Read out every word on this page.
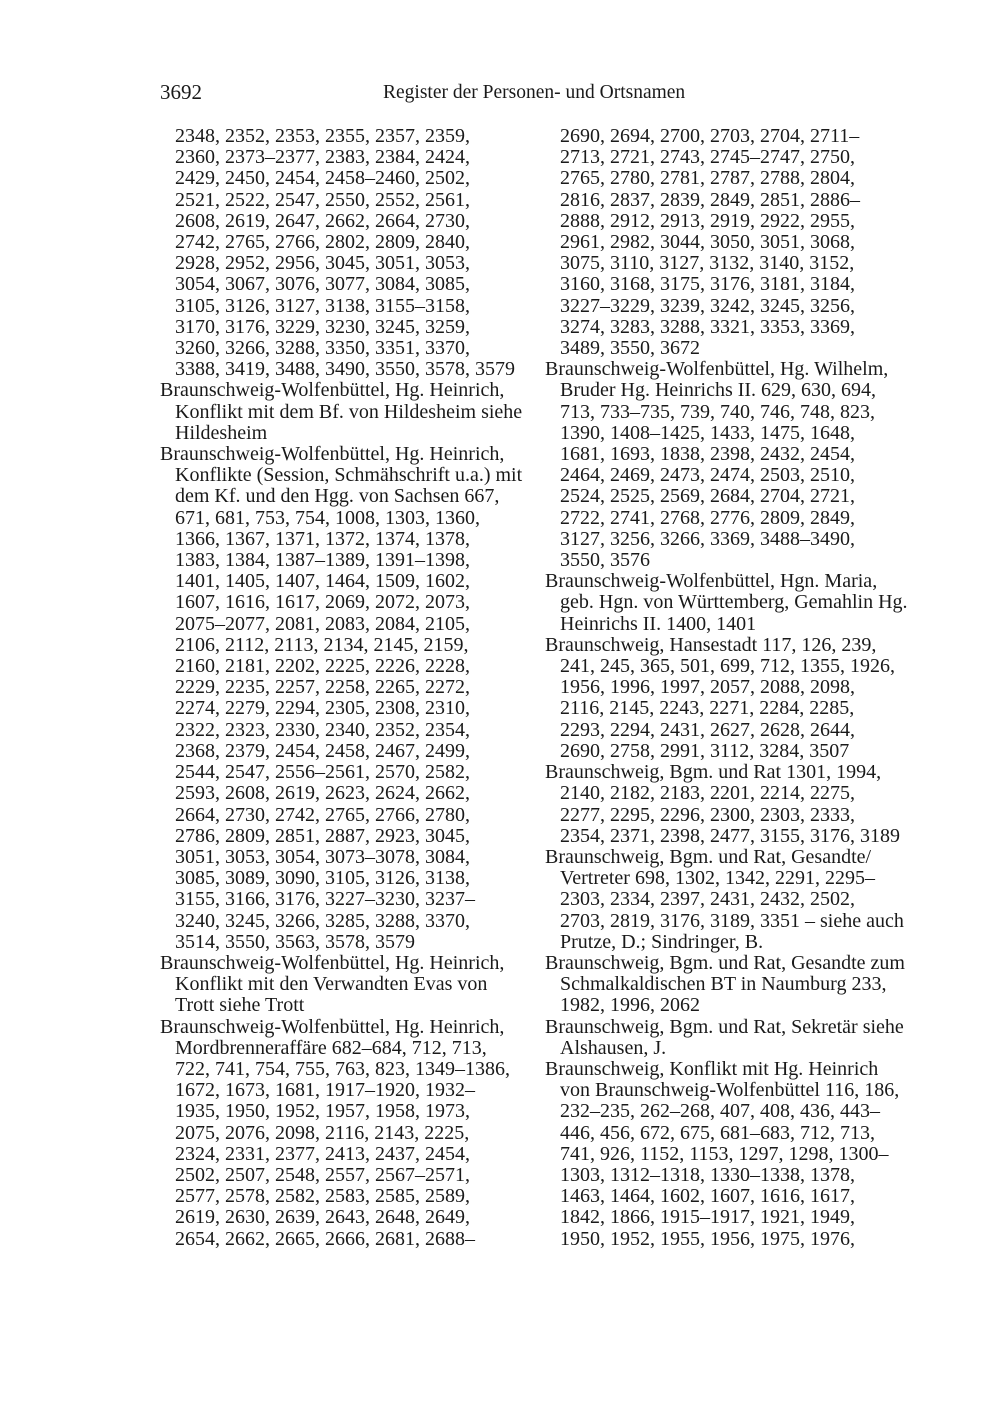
3692	Register der Personen- und Ortsnamen
2348, 2352, 2353, 2355, 2357, 2359,
2360, 2373–2377, 2383, 2384, 2424,
2429, 2450, 2454, 2458–2460, 2502,
2521, 2522, 2547, 2550, 2552, 2561,
2608, 2619, 2647, 2662, 2664, 2730,
2742, 2765, 2766, 2802, 2809, 2840,
2928, 2952, 2956, 3045, 3051, 3053,
3054, 3067, 3076, 3077, 3084, 3085,
3105, 3126, 3127, 3138, 3155–3158,
3170, 3176, 3229, 3230, 3245, 3259,
3260, 3266, 3288, 3350, 3351, 3370,
3388, 3419, 3488, 3490, 3550, 3578, 3579
Braunschweig-Wolfenbüttel, Hg. Heinrich,
Konflikt mit dem Bf. von Hildesheim siehe
Hildesheim
Braunschweig-Wolfenbüttel, Hg. Heinrich,
Konflikte (Session, Schmähschrift u.a.) mit
dem Kf. und den Hgg. von Sachsen 667,
671, 681, 753, 754, 1008, 1303, 1360,
1366, 1367, 1371, 1372, 1374, 1378,
1383, 1384, 1387–1389, 1391–1398,
1401, 1405, 1407, 1464, 1509, 1602,
1607, 1616, 1617, 2069, 2072, 2073,
2075–2077, 2081, 2083, 2084, 2105,
2106, 2112, 2113, 2134, 2145, 2159,
2160, 2181, 2202, 2225, 2226, 2228,
2229, 2235, 2257, 2258, 2265, 2272,
2274, 2279, 2294, 2305, 2308, 2310,
2322, 2323, 2330, 2340, 2352, 2354,
2368, 2379, 2454, 2458, 2467, 2499,
2544, 2547, 2556–2561, 2570, 2582,
2593, 2608, 2619, 2623, 2624, 2662,
2664, 2730, 2742, 2765, 2766, 2780,
2786, 2809, 2851, 2887, 2923, 3045,
3051, 3053, 3054, 3073–3078, 3084,
3085, 3089, 3090, 3105, 3126, 3138,
3155, 3166, 3176, 3227–3230, 3237–
3240, 3245, 3266, 3285, 3288, 3370,
3514, 3550, 3563, 3578, 3579
Braunschweig-Wolfenbüttel, Hg. Heinrich,
Konflikt mit den Verwandten Evas von
Trott siehe Trott
Braunschweig-Wolfenbüttel, Hg. Heinrich,
Mordbrenneraffäre 682–684, 712, 713,
722, 741, 754, 755, 763, 823, 1349–1386,
1672, 1673, 1681, 1917–1920, 1932–
1935, 1950, 1952, 1957, 1958, 1973,
2075, 2076, 2098, 2116, 2143, 2225,
2324, 2331, 2377, 2413, 2437, 2454,
2502, 2507, 2548, 2557, 2567–2571,
2577, 2578, 2582, 2583, 2585, 2589,
2619, 2630, 2639, 2643, 2648, 2649,
2654, 2662, 2665, 2666, 2681, 2688–
2690, 2694, 2700, 2703, 2704, 2711–
2713, 2721, 2743, 2745–2747, 2750,
2765, 2780, 2781, 2787, 2788, 2804,
2816, 2837, 2839, 2849, 2851, 2886–
2888, 2912, 2913, 2919, 2922, 2955,
2961, 2982, 3044, 3050, 3051, 3068,
3075, 3110, 3127, 3132, 3140, 3152,
3160, 3168, 3175, 3176, 3181, 3184,
3227–3229, 3239, 3242, 3245, 3256,
3274, 3283, 3288, 3321, 3353, 3369,
3489, 3550, 3672
Braunschweig-Wolfenbüttel, Hg. Wilhelm,
Bruder Hg. Heinrichs II. 629, 630, 694,
713, 733–735, 739, 740, 746, 748, 823,
1390, 1408–1425, 1433, 1475, 1648,
1681, 1693, 1838, 2398, 2432, 2454,
2464, 2469, 2473, 2474, 2503, 2510,
2524, 2525, 2569, 2684, 2704, 2721,
2722, 2741, 2768, 2776, 2809, 2849,
3127, 3256, 3266, 3369, 3488–3490,
3550, 3576
Braunschweig-Wolfenbüttel, Hgn. Maria,
geb. Hgn. von Württemberg, Gemahlin Hg.
Heinrichs II. 1400, 1401
Braunschweig, Hansestadt 117, 126, 239,
241, 245, 365, 501, 699, 712, 1355, 1926,
1956, 1996, 1997, 2057, 2088, 2098,
2116, 2145, 2243, 2271, 2284, 2285,
2293, 2294, 2431, 2627, 2628, 2644,
2690, 2758, 2991, 3112, 3284, 3507
Braunschweig, Bgm. und Rat 1301, 1994,
2140, 2182, 2183, 2201, 2214, 2275,
2277, 2295, 2296, 2300, 2303, 2333,
2354, 2371, 2398, 2477, 3155, 3176, 3189
Braunschweig, Bgm. und Rat, Gesandte/
Vertreter 698, 1302, 1342, 2291, 2295–
2303, 2334, 2397, 2431, 2432, 2502,
2703, 2819, 3176, 3189, 3351 – siehe auch
Prutze, D.; Sindringer, B.
Braunschweig, Bgm. und Rat, Gesandte zum
Schmalkaldischen BT in Naumburg 233,
1982, 1996, 2062
Braunschweig, Bgm. und Rat, Sekretär siehe
Alshausen, J.
Braunschweig, Konflikt mit Hg. Heinrich
von Braunschweig-Wolfenbüttel 116, 186,
232–235, 262–268, 407, 408, 436, 443–
446, 456, 672, 675, 681–683, 712, 713,
741, 926, 1152, 1153, 1297, 1298, 1300–
1303, 1312–1318, 1330–1338, 1378,
1463, 1464, 1602, 1607, 1616, 1617,
1842, 1866, 1915–1917, 1921, 1949,
1950, 1952, 1955, 1956, 1975, 1976,
